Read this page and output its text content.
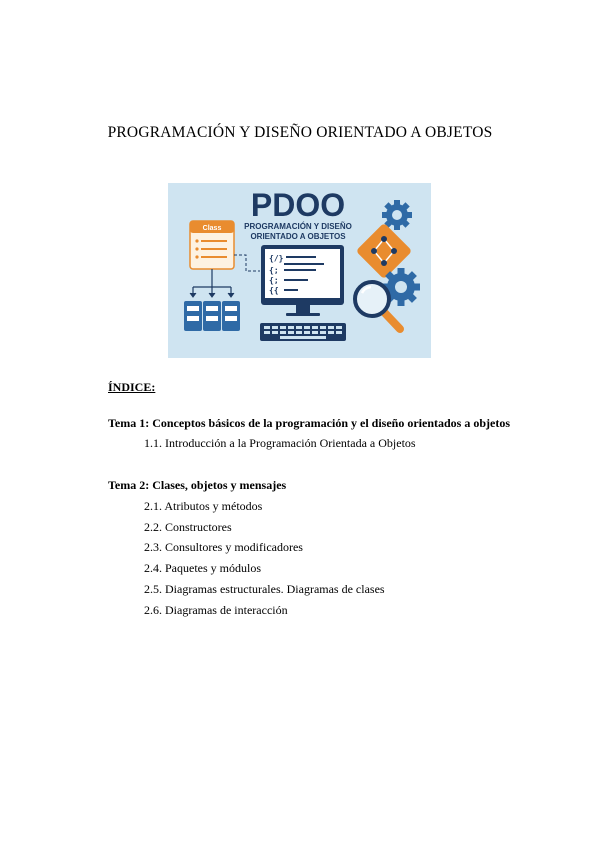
PROGRAMACIÓN Y DISEÑO ORIENTADO A OBJETOS
PDOO
PROGRAMACIÓN Y DISEÑO
ORIENTADO A OBJETOS
Class
{/}
{;
{;
{{
ÍNDICE:
Tema 1: Conceptos básicos de la programación y el diseño orientados a objetos
1.1. Introducción a la Programación Orientada a Objetos
Tema 2: Clases, objetos y mensajes
2.1. Atributos y métodos
2.2. Constructores
2.3. Consultores y modificadores
2.4. Paquetes y módulos
2.5. Diagramas estructurales. Diagramas de clases
2.6. Diagramas de interacción
